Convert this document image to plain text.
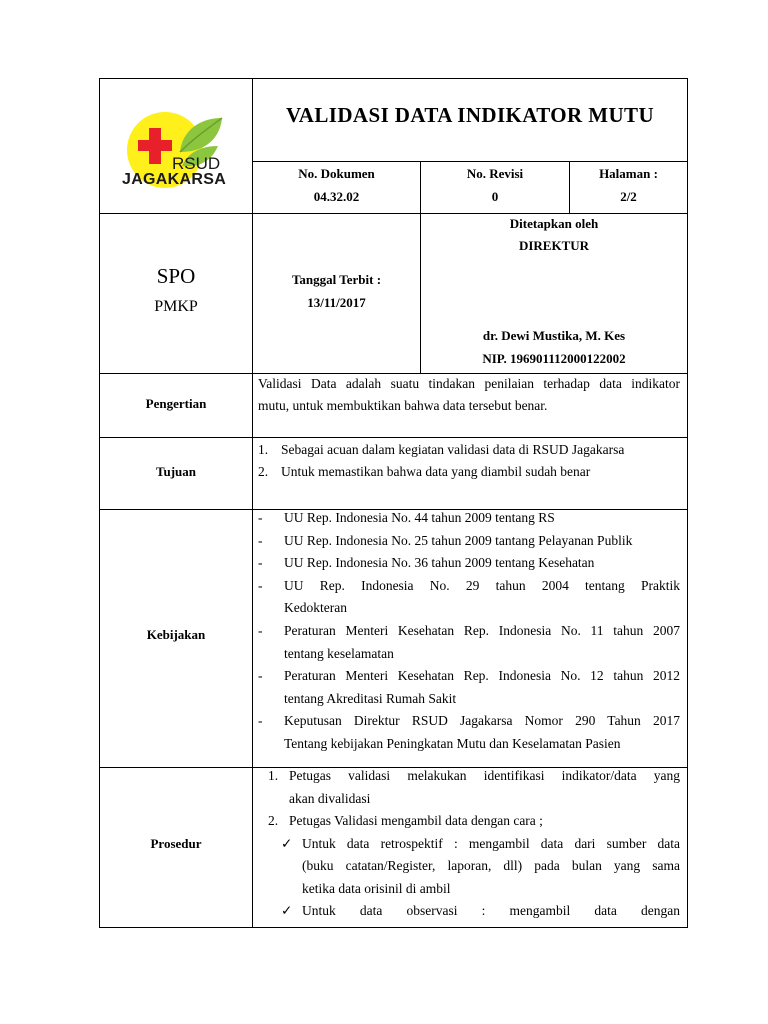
RSUD
JAGAKARSA
VALIDASI DATA INDIKATOR MUTU
No. Dokumen
04.32.02
No. Revisi
0
Halaman :
2/2
SPO
PMKP
Tanggal Terbit :
13/11/2017
Ditetapkan oleh
DIREKTUR
dr. Dewi Mustika, M. Kes
NIP. 196901112000122002
Pengertian
Validasi Data adalah suatu tindakan penilaian terhadap data indikator
mutu, untuk membuktikan bahwa data tersebut benar.
Tujuan
1. Sebagai acuan dalam kegiatan validasi data di RSUD Jagakarsa
2. Untuk memastikan bahwa data yang diambil sudah benar
Kebijakan
- UU Rep. Indonesia No. 44 tahun 2009 tentang RS
- UU Rep. Indonesia No. 25 tahun 2009 tantang Pelayanan Publik
- UU Rep. Indonesia No. 36 tahun 2009 tentang Kesehatan
- UU Rep. Indonesia No. 29 tahun 2004 tentang Praktik
Kedokteran
- Peraturan Menteri Kesehatan Rep. Indonesia No. 11 tahun 2007
tentang keselamatan
- Peraturan Menteri Kesehatan Rep. Indonesia No. 12 tahun 2012
tentang Akreditasi Rumah Sakit
- Keputusan Direktur RSUD Jagakarsa Nomor 290 Tahun 2017
Tentang kebijakan Peningkatan Mutu dan Keselamatan Pasien
Prosedur
1. Petugas validasi melakukan identifikasi indikator/data yang
akan divalidasi
2. Petugas Validasi mengambil data dengan cara ;
✓ Untuk data retrospektif : mengambil data dari sumber data
(buku catatan/Register, laporan, dll) pada bulan yang sama
ketika data orisinil di ambil
✓ Untuk data observasi : mengambil data dengan
